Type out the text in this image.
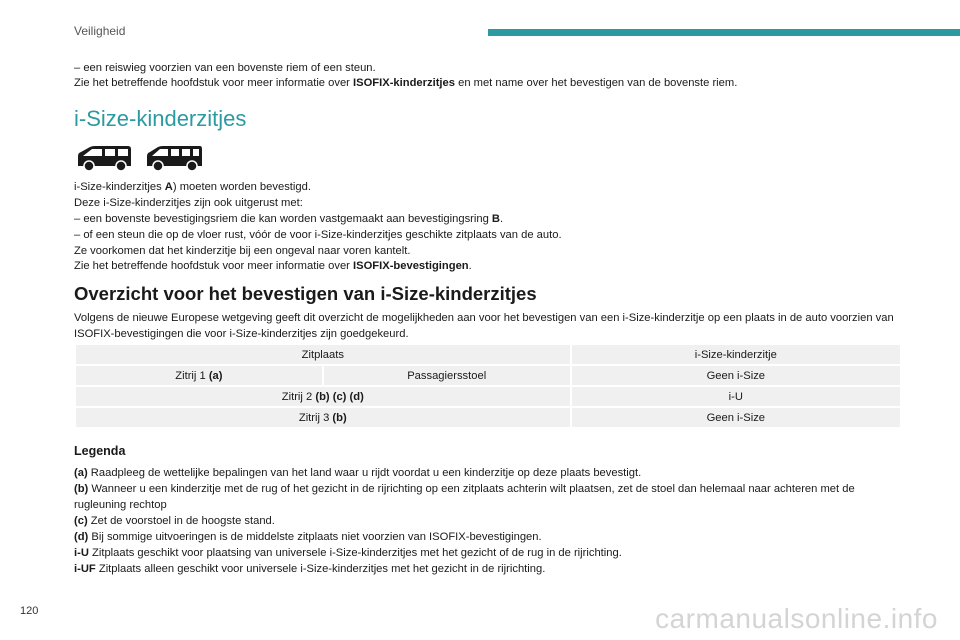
Veiligheid
– een reiswieg voorzien van een bovenste riem of een steun.
Zie het betreffende hoofdstuk voor meer informatie over ISOFIX-kinderzitjes en met name over het bevestigen van de bovenste riem.
i-Size-kinderzitjes
i-Size-kinderzitjes A) moeten worden bevestigd.
Deze i-Size-kinderzitjes zijn ook uitgerust met:
– een bovenste bevestigingsriem die kan worden vastgemaakt aan bevestigingsring B.
– of een steun die op de vloer rust, vóór de voor i-Size-kinderzitjes geschikte zitplaats van de auto.
Ze voorkomen dat het kinderzitje bij een ongeval naar voren kantelt.
Zie het betreffende hoofdstuk voor meer informatie over ISOFIX-bevestigingen.
Overzicht voor het bevestigen van i-Size-kinderzitjes
Volgens de nieuwe Europese wetgeving geeft dit overzicht de mogelijkheden aan voor het bevestigen van een i-Size-kinderzitje op een plaats in de auto voorzien van
ISOFIX-bevestigingen die voor i-Size-kinderzitjes zijn goedgekeurd.
Zitplaats		i-Size-kinderzitje
Zitrij 1 (a)	Passagiersstoel	Geen i-Size
Zitrij 2 (b) (c) (d)		i-U
Zitrij 3 (b)		Geen i-Size
Legenda
(a) Raadpleeg de wettelijke bepalingen van het land waar u rijdt voordat u een kinderzitje op deze plaats bevestigt.
(b) Wanneer u een kinderzitje met de rug of het gezicht in de rijrichting op een zitplaats achterin wilt plaatsen, zet de stoel dan helemaal naar achteren met de
rugleuning rechtop
(c) Zet de voorstoel in de hoogste stand.
(d) Bij sommige uitvoeringen is de middelste zitplaats niet voorzien van ISOFIX-bevestigingen.
i-U Zitplaats geschikt voor plaatsing van universele i-Size-kinderzitjes met het gezicht of de rug in de rijrichting.
i-UF Zitplaats alleen geschikt voor universele i-Size-kinderzitjes met het gezicht in de rijrichting.
120	carmanualsonline.info
